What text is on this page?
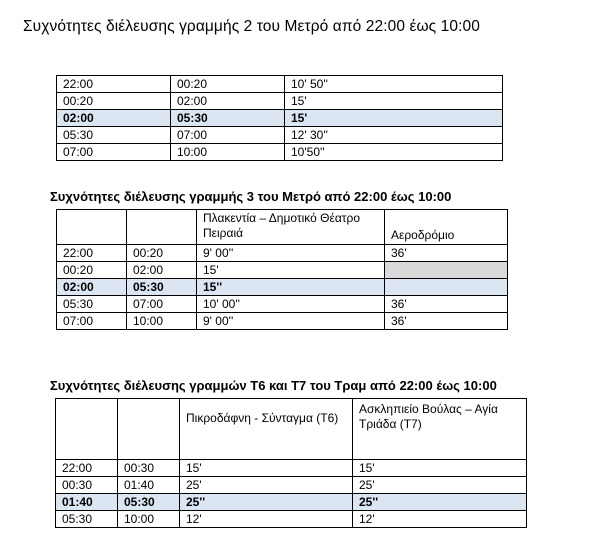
Συχνότητες διέλευσης γραμμής 2 του Μετρό από 22:00 έως 10:00
22:00	00:20	10' 50''
00:20	02:00	15'
02:00	05:30	15'
05:30	07:00	12' 30''
07:00	10:00	10'50''
Συχνότητες διέλευσης γραμμής 3 του Μετρό από 22:00 έως 10:00
		Πλακεντία – Δημοτικό Θέατρο Πειραιά	Αεροδρόμιο
22:00	00:20	9' 00''	36'
00:20	02:00	15'	
02:00	05:30	15''	
05:30	07:00	10' 00''	36'
07:00	10:00	9' 00''	36'
Συχνότητες διέλευσης γραμμών Τ6 και Τ7 του Τραμ από 22:00 έως 10:00
		Πικροδάφνη - Σύνταγμα (Τ6)	Ασκληπιείο Βούλας – Αγία Τριάδα (Τ7)
22:00	00:30	15'	15'
00:30	01:40	25'	25'
01:40	05:30	25''	25''
05:30	10:00	12'	12'
